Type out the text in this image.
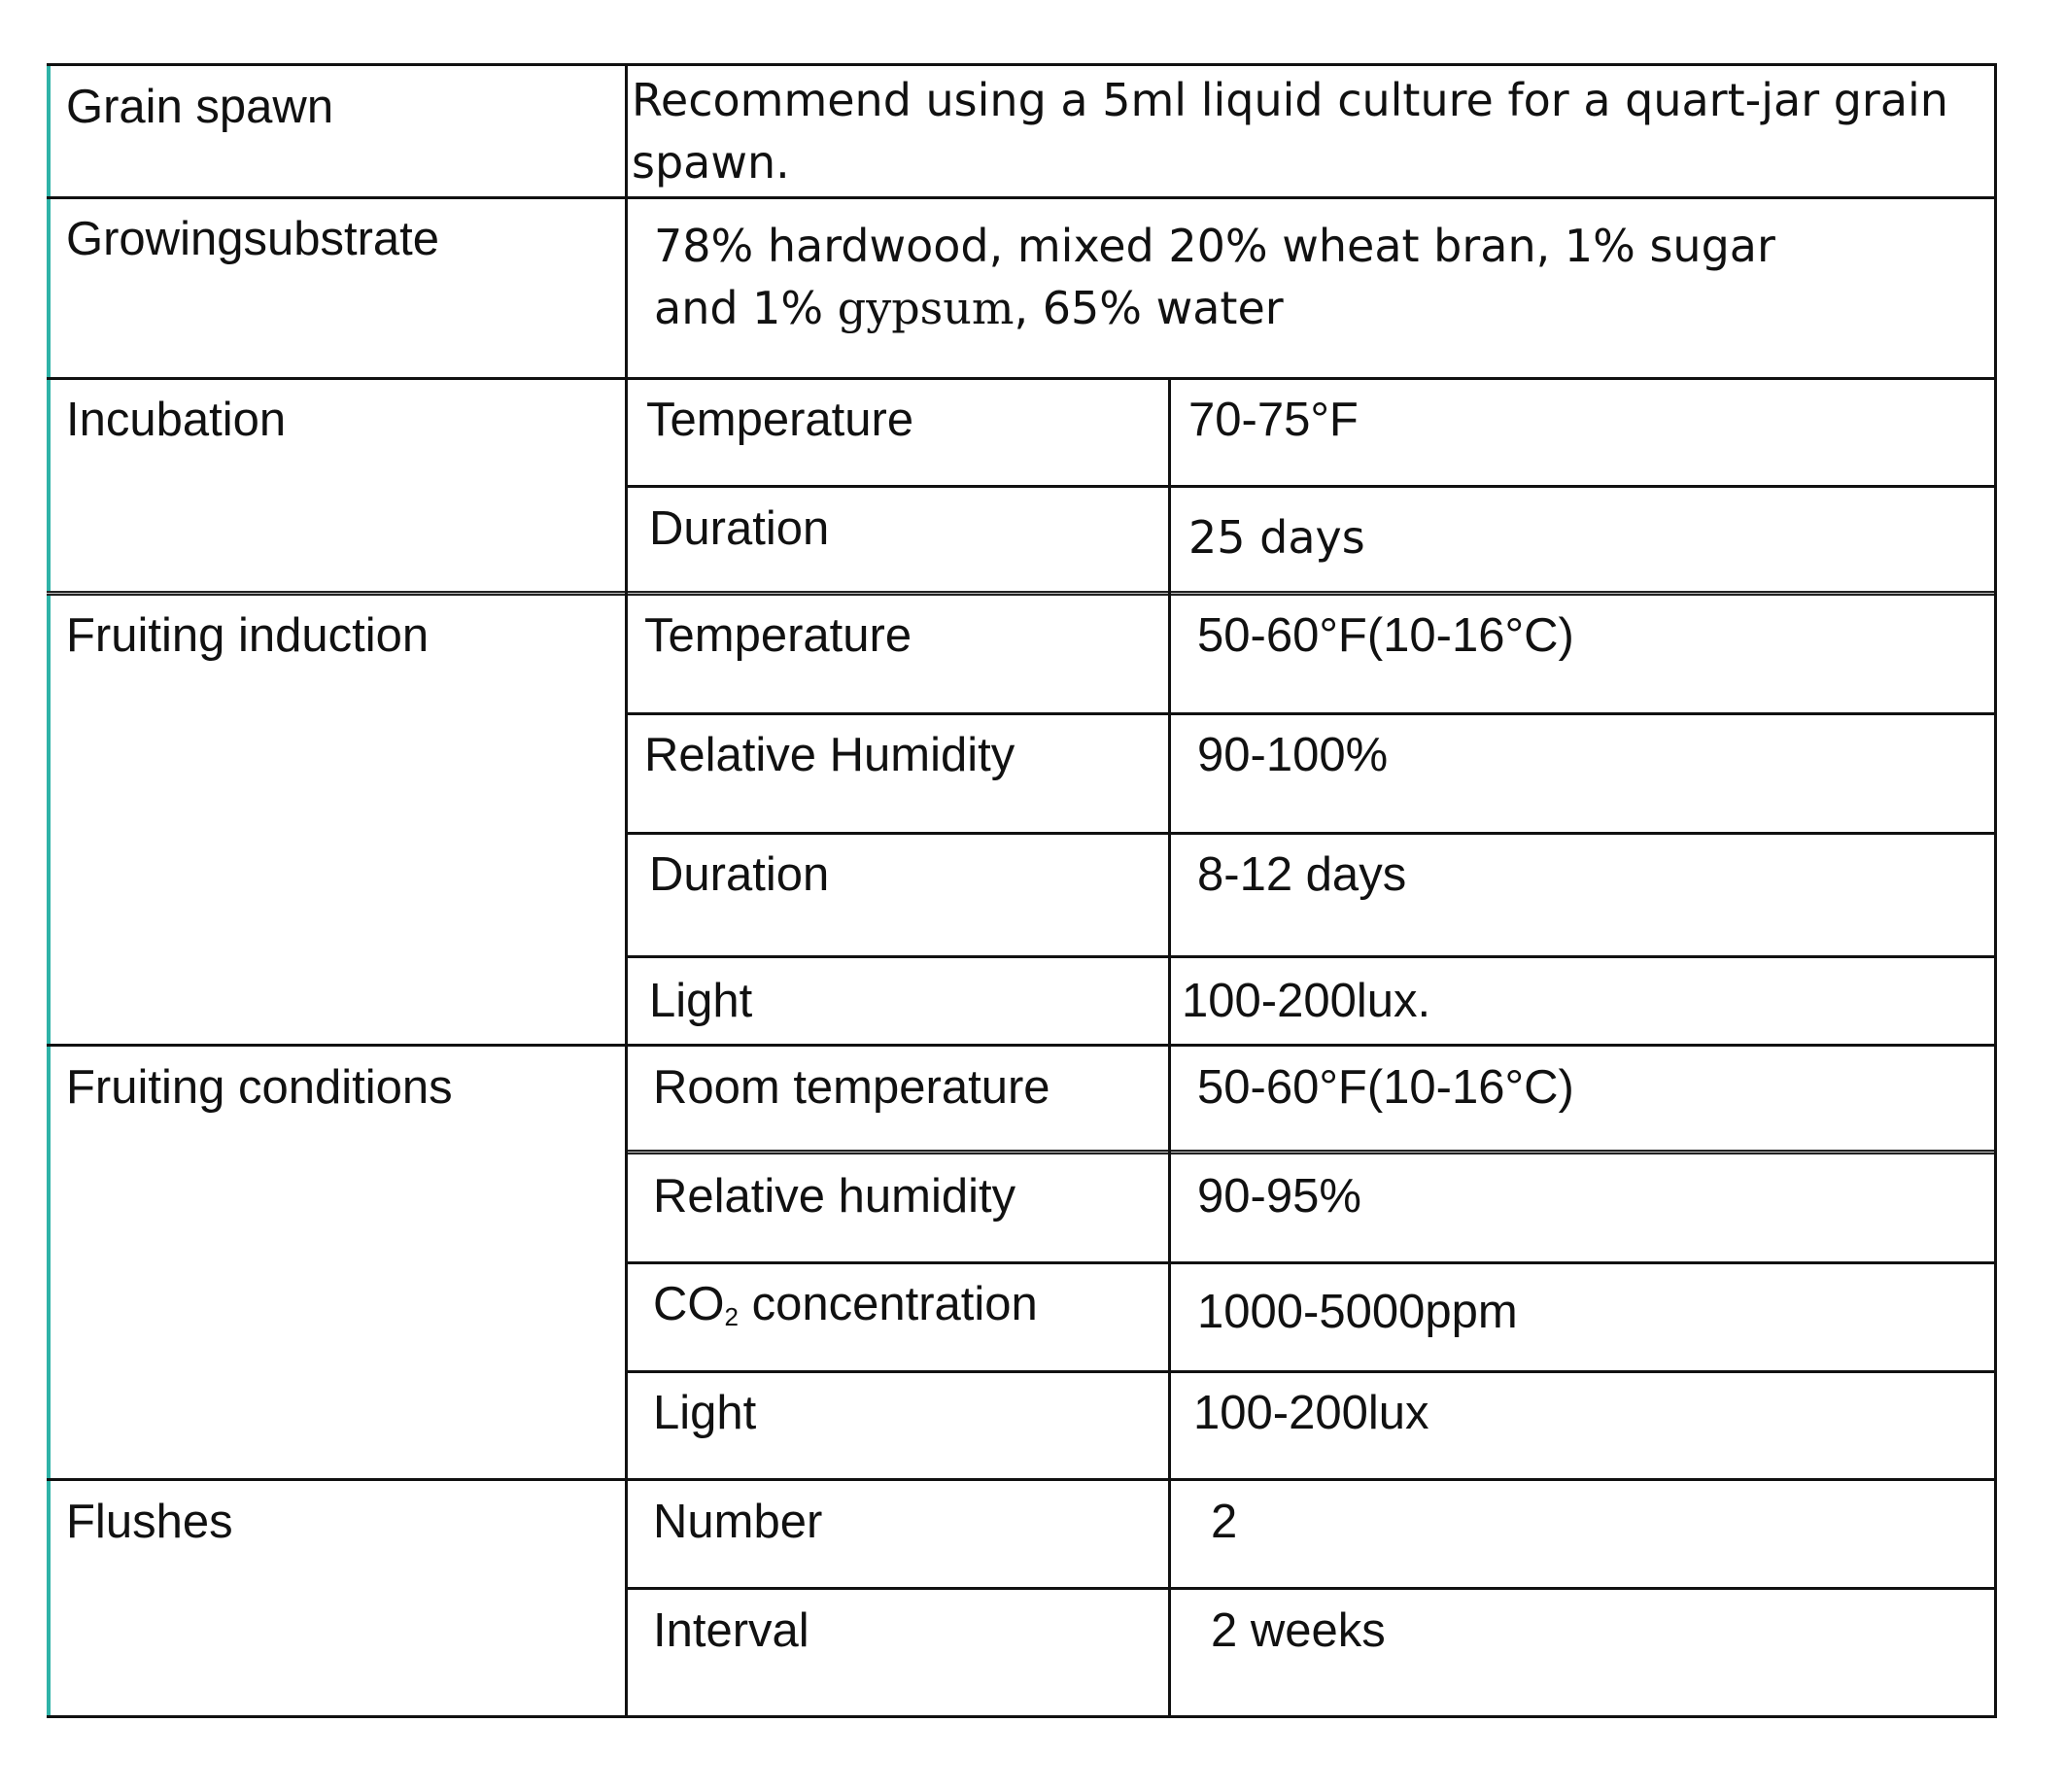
Grain spawn	Recommend using a 5ml liquid culture for a quart-jar grain spawn.
Growingsubstrate	78% hardwood, mixed 20% wheat bran, 1% sugar
and 1% gypsum, 65% water
Incubation	Temperature	70-75°F
Duration	25 days
Fruiting induction	Temperature	50-60°F(10-16°C)
Relative Humidity	90-100%
Duration	8-12 days
Light	100-200lux.
Fruiting conditions	Room temperature	50-60°F(10-16°C)
Relative humidity	90-95%
$CO_2$ concentration	1000-5000ppm
Light	100-200lux
Flushes	Number	2
Interval	2 weeks
